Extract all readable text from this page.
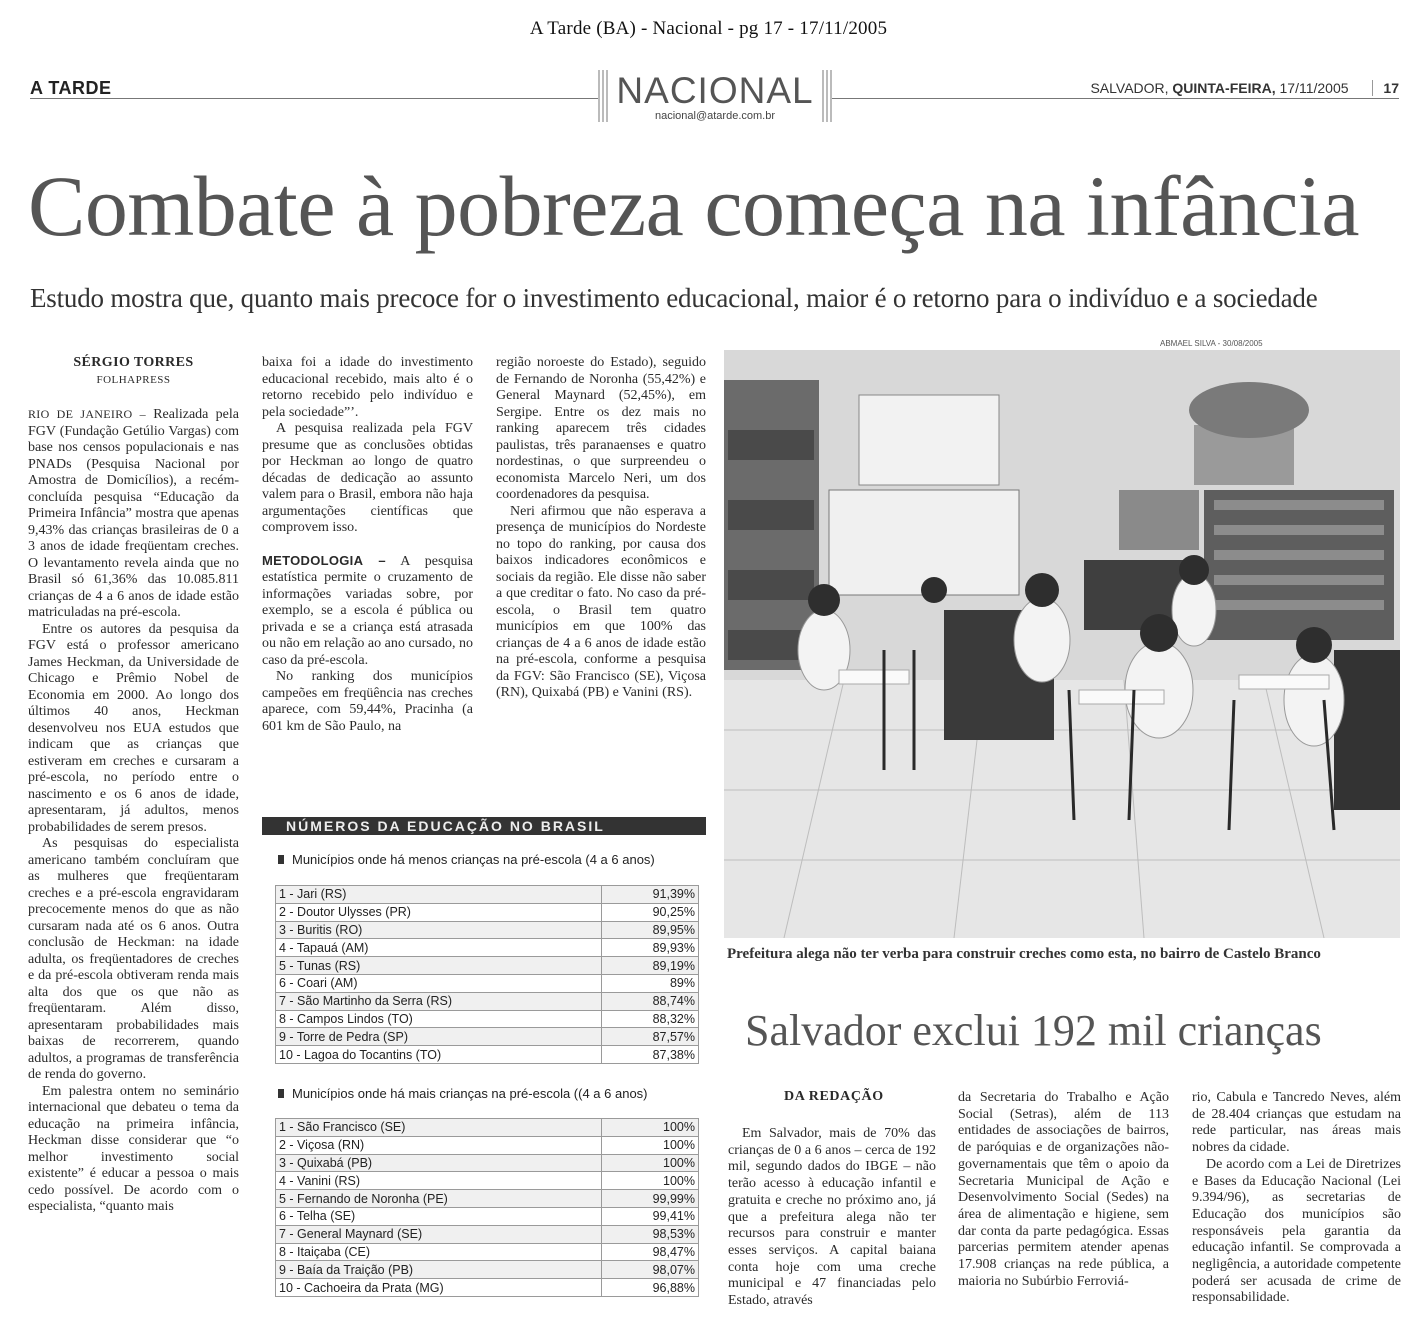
A Tarde (BA) - Nacional - pg 17 - 17/11/2005
A TARDE	NACIONAL
nacional@atarde.com.br
SALVADOR, QUINTA-FEIRA, 17/11/2005 17
Combate à pobreza começa na infância
Estudo mostra que, quanto mais precoce for o investimento educacional, maior é o retorno para o indivíduo e a sociedade
SÉRGIO TORRES
FOLHAPRESS

RIO DE JANEIRO – Realizada pela FGV (Fundação Getúlio Vargas) com base nos censos populacionais e nas PNADs (Pesquisa Nacional por Amostra de Domicílios), a recém-concluída pesquisa “Educação da Primeira Infância” mostra que apenas 9,43% das crianças brasileiras de 0 a 3 anos de idade freqüentam creches. O levantamento revela ainda que no Brasil só 61,36% das 10.085.811 crianças de 4 a 6 anos de idade estão matriculadas na pré-escola.

Entre os autores da pesquisa da FGV está o professor americano James Heckman, da Universidade de Chicago e Prêmio Nobel de Economia em 2000. Ao longo dos últimos 40 anos, Heckman desenvolveu nos EUA estudos que indicam que as crianças que estiveram em creches e cursaram a pré-escola, no período entre o nascimento e os 6 anos de idade, apresentaram, já adultos, menos probabilidades de serem presos.

As pesquisas do especialista americano também concluíram que as mulheres que freqüentaram creches e a pré-escola engravidaram precocemente menos do que as não cursaram nada até os 6 anos. Outra conclusão de Heckman: na idade adulta, os freqüentadores de creches e da pré-escola obtiveram renda mais alta dos que os que não as freqüentaram. Além disso, apresentaram probabilidades mais baixas de recorrerem, quando adultos, a programas de transferência de renda do governo.

Em palestra ontem no seminário internacional que debateu o tema da educação na primeira infância, Heckman disse considerar que “o melhor investimento social existente” é educar a pessoa o mais cedo possível. De acordo com o especialista, “quanto mais

baixa foi a idade do investimento educacional recebido, mais alto é o retorno recebido pelo indivíduo e pela sociedade”’.

A pesquisa realizada pela FGV presume que as conclusões obtidas por Heckman ao longo de quatro décadas de dedicação ao assunto valem para o Brasil, embora não haja argumentações científicas que comprovem isso.

METODOLOGIA – A pesquisa estatística permite o cruzamento de informações variadas sobre, por exemplo, se a escola é pública ou privada e se a criança está atrasada ou não em relação ao ano cursado, no caso da pré-escola.

No ranking dos municípios campeões em freqüência nas creches aparece, com 59,44%, Pracinha (a 601 km de São Paulo, na

região noroeste do Estado), seguido de Fernando de Noronha (55,42%) e General Maynard (52,45%), em Sergipe. Entre os dez mais no ranking aparecem três cidades paulistas, três paranaenses e quatro nordestinas, o que surpreendeu o economista Marcelo Neri, um dos coordenadores da pesquisa.

Neri afirmou que não esperava a presença de municípios do Nordeste no topo do ranking, por causa dos baixos indicadores econômicos e sociais da região. Ele disse não saber a que creditar o fato. No caso da pré-escola, o Brasil tem quatro municípios em que 100% das crianças de 4 a 6 anos de idade estão na pré-escola, conforme a pesquisa da FGV: São Francisco (SE), Viçosa (RN), Quixabá (PB) e Vanini (RS).

ABMAEL SILVA - 30/08/2005
Prefeitura alega não ter verba para construir creches como esta, no bairro de Castelo Branco
NÚMEROS DA EDUCAÇÃO NO BRASIL
Municípios onde há menos crianças na pré-escola (4 a 6 anos)
1 - Jari (RS)	91,39%
2 - Doutor Ulysses (PR)	90,25%
3 - Buritis (RO)	89,95%
4 - Tapauá (AM)	89,93%
5 - Tunas (RS)	89,19%
6 - Coari (AM)	89%
7 - São Martinho da Serra (RS)	88,74%
8 - Campos Lindos (TO)	88,32%
9 - Torre de Pedra (SP)	87,57%
10 - Lagoa do Tocantins (TO)	87,38%
Municípios onde há mais crianças na pré-escola ((4 a 6 anos)
1 - São Francisco (SE)	100%
2 - Viçosa (RN)	100%
3 - Quixabá (PB)	100%
4 - Vanini (RS)	100%
5 - Fernando de Noronha (PE)	99,99%
6 - Telha (SE)	99,41%
7 - General Maynard (SE)	98,53%
8 - Itaiçaba (CE)	98,47%
9 - Baía da Traição (PB)	98,07%
10 - Cachoeira da Prata (MG)	96,88%
Salvador exclui 192 mil crianças
DA REDAÇÃO

Em Salvador, mais de 70% das crianças de 0 a 6 anos – cerca de 192 mil, segundo dados do IBGE – não terão acesso à educação infantil e gratuita e creche no próximo ano, já que a prefeitura alega não ter recursos para construir e manter esses serviços. A capital baiana conta hoje com uma creche municipal e 47 financiadas pelo Estado, através

da Secretaria do Trabalho e Ação Social (Setras), além de 113 entidades de associações de bairros, de paróquias e de organizações não-governamentais que têm o apoio da Secretaria Municipal de Ação e Desenvolvimento Social (Sedes) na área de alimentação e higiene, sem dar conta da parte pedagógica. Essas parcerias permitem atender apenas 17.908 crianças na rede pública, a maioria no Subúrbio Ferroviá-

rio, Cabula e Tancredo Neves, além de 28.404 crianças que estudam na rede particular, nas áreas mais nobres da cidade.

De acordo com a Lei de Diretrizes e Bases da Educação Nacional (Lei 9.394/96), as secretarias de Educação dos municípios são responsáveis pela garantia da educação infantil. Se comprovada a negligência, a autoridade competente poderá ser acusada de crime de responsabilidade.
